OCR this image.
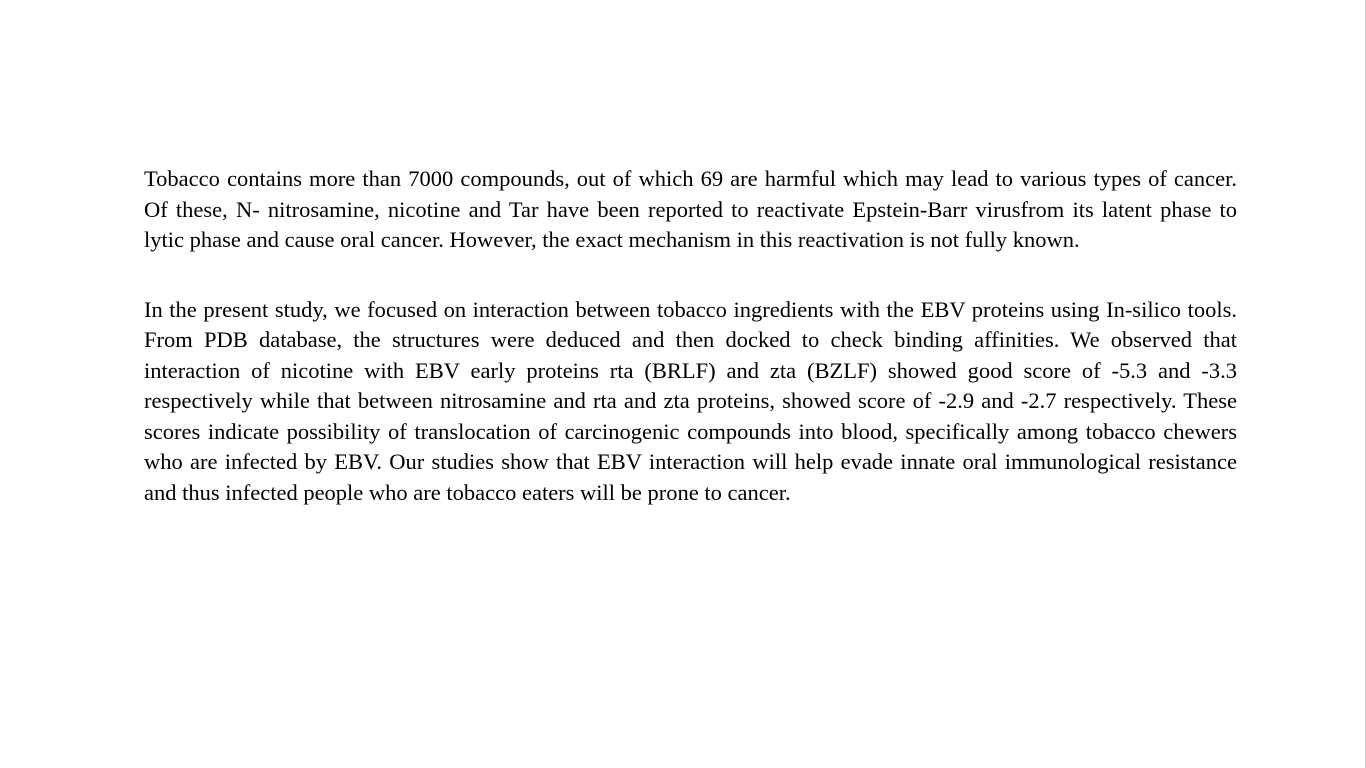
Tobacco contains more than 7000 compounds, out of which 69 are harmful which may lead to various types of cancer. Of these, N- nitrosamine, nicotine and Tar have been reported to reactivate Epstein-Barr virusfrom its latent phase to lytic phase and cause oral cancer. However, the exact mechanism in this reactivation is not fully known.

In the present study, we focused on interaction between tobacco ingredients with the EBV proteins using In-silico tools. From PDB database, the structures were deduced and then docked to check binding affinities. We observed that interaction of nicotine with EBV early proteins rta (BRLF) and zta (BZLF) showed good score of -5.3 and -3.3 respectively while that between nitrosamine and rta and zta proteins, showed score of -2.9 and -2.7 respectively. These scores indicate possibility of translocation of carcinogenic compounds into blood, specifically among tobacco chewers who are infected by EBV. Our studies show that EBV interaction will help evade innate oral immunological resistance and thus infected people who are tobacco eaters will be prone to cancer.
